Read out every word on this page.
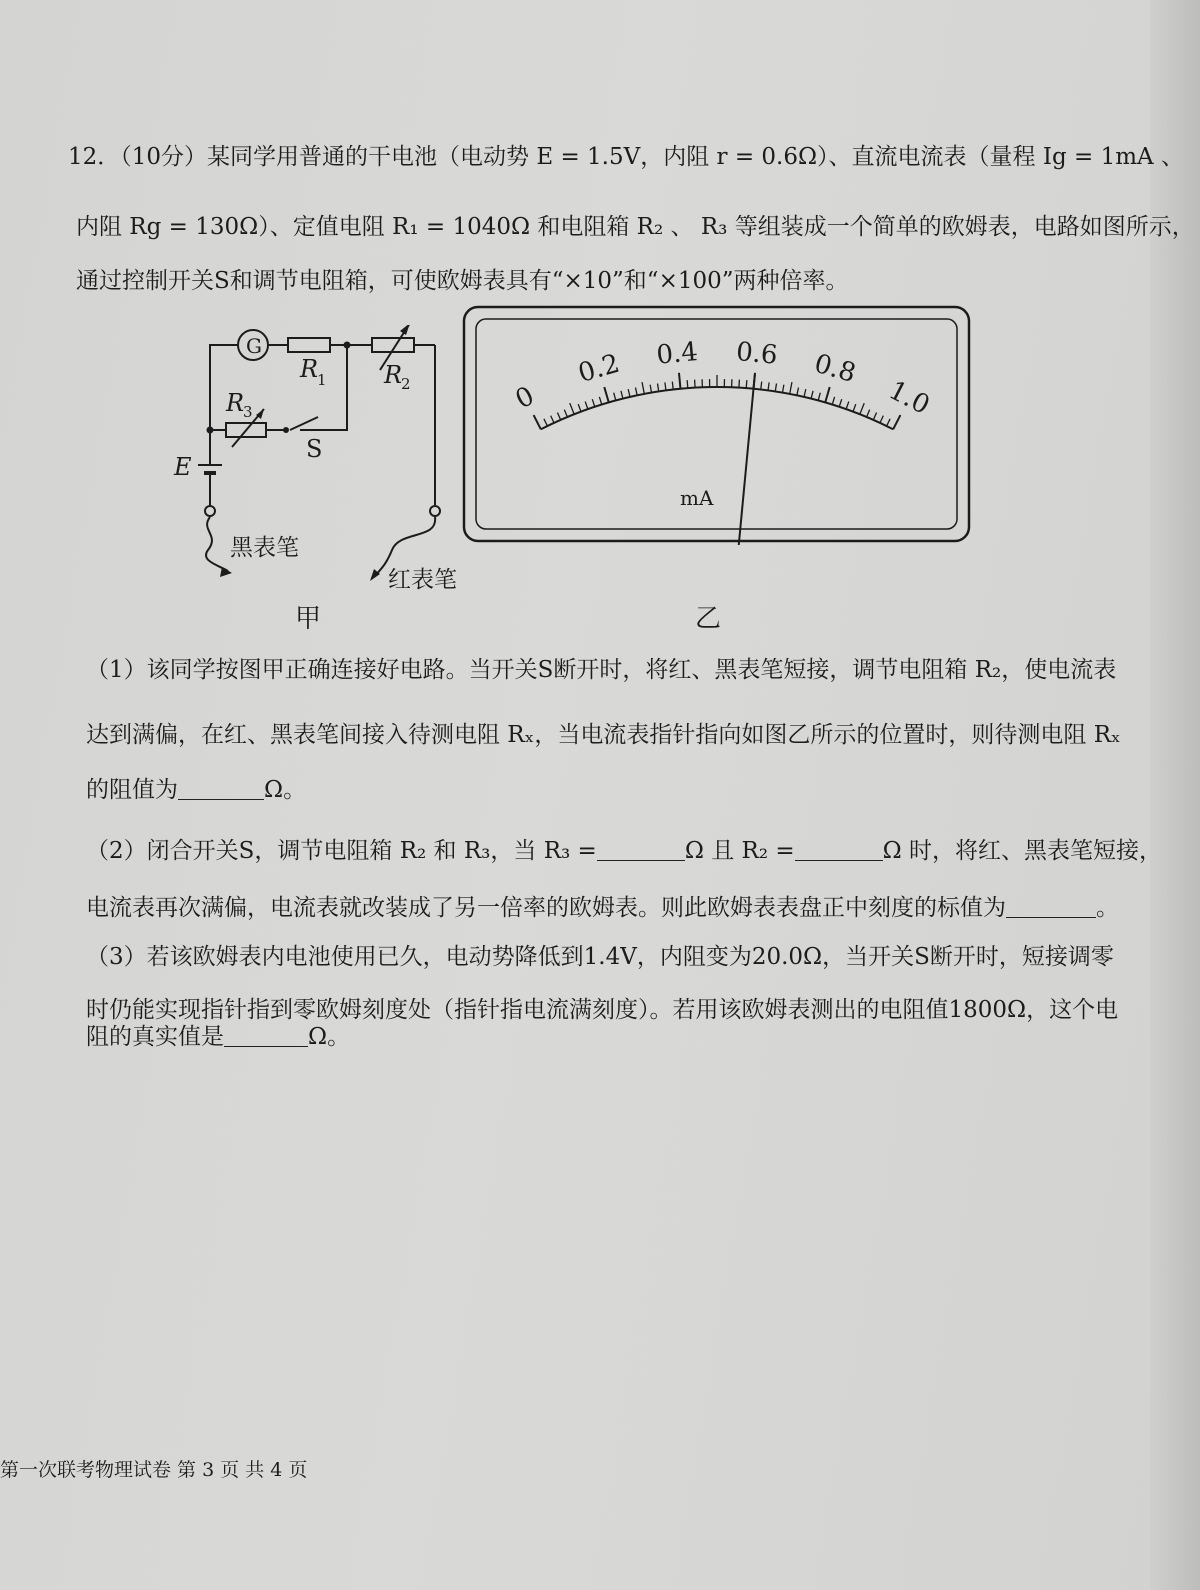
12．（10分）某同学用普通的干电池（电动势 E = 1.5V，内阻 r = 0.6Ω）、直流电流表（量程 Ig = 1mA 、
内阻 Rg = 130Ω）、定值电阻 R₁ = 1040Ω 和电阻箱 R₂ 、 R₃ 等组装成一个简单的欧姆表，电路如图所示，
通过控制开关S和调节电阻箱，可使欧姆表具有“×10”和“×100”两种倍率。
G
R
1 R
2
R
3
S
E
黑表笔
红表笔
甲
0
0.2 0.4 0.6 0.8
1.0
mA
乙
（1）该同学按图甲正确连接好电路。当开关S断开时，将红、黑表笔短接，调节电阻箱 R₂，使电流表
达到满偏，在红、黑表笔间接入待测电阻 Rₓ，当电流表指针指向如图乙所示的位置时，则待测电阻 Rₓ
的阻值为	Ω。
（2）闭合开关S，调节电阻箱 R₂ 和 R₃，当 R₃ =	Ω 且 R₂ =	Ω 时，将红、黑表笔短接，
电流表再次满偏，电流表就改装成了另一倍率的欧姆表。则此欧姆表表盘正中刻度的标值为	。
（3）若该欧姆表内电池使用已久，电动势降低到1.4V，内阻变为20.0Ω，当开关S断开时，短接调零
时仍能实现指针指到零欧姆刻度处（指针指电流满刻度）。若用该欧姆表测出的电阻值1800Ω，这个电
阻的真实值是	Ω。
第一次联考物理试卷 第 3 页 共 4 页
